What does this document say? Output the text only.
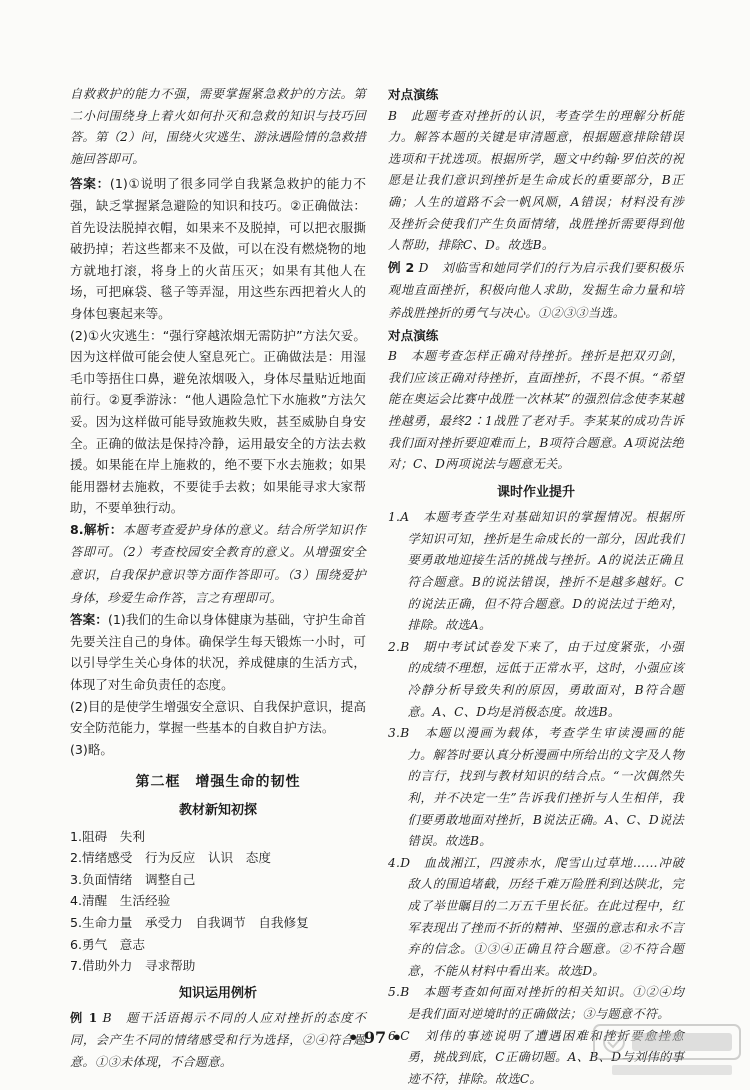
自救救护的能力不强，需要掌握紧急救护的方法。第二小问围绕身上着火如何扑灭和急救的知识与技巧回答。第（2）问，围绕火灾逃生、游泳遇险情的急救措施回答即可。

答案：(1)①说明了很多同学自我紧急救护的能力不强，缺乏掌握紧急避险的知识和技巧。②正确做法：首先设法脱掉衣帽，如果来不及脱掉，可以把衣服撕破扔掉；若这些都来不及做，可以在没有燃烧物的地方就地打滚，将身上的火苗压灭；如果有其他人在场，可把麻袋、毯子等弄湿，用这些东西把着火人的身体包裹起来等。

(2)①火灾逃生：“强行穿越浓烟无需防护”方法欠妥。因为这样做可能会使人窒息死亡。正确做法是：用湿毛巾等捂住口鼻，避免浓烟吸入，身体尽量贴近地面前行。②夏季游泳：“他人遇险急忙下水施救”方法欠妥。因为这样做可能导致施救失败，甚至威胁自身安全。正确的做法是保持冷静，运用最安全的方法去救援。如果能在岸上施救的，绝不要下水去施救；如果能用器材去施救，不要徒手去救；如果能寻求大家帮助，不要单独行动。

8.解析：本题考查爱护身体的意义。结合所学知识作答即可。（2）考查校园安全教育的意义。从增强安全意识，自我保护意识等方面作答即可。（3）围绕爱护身体，珍爱生命作答，言之有理即可。

答案：(1)我们的生命以身体健康为基础，守护生命首先要关注自己的身体。确保学生每天锻炼一小时，可以引导学生关心身体的状况，养成健康的生活方式，体现了对生命负责任的态度。

(2)目的是使学生增强安全意识、自我保护意识，提高安全防范能力，掌握一些基本的自救自护方法。

(3)略。

第二框　增强生命的韧性
教材新知初探

1.阻碍　失利

2.情绪感受　行为反应　认识　态度

3.负面情绪　调整自己

4.清醒　生活经验

5.生命力量　承受力　自我调节　自我修复

6.勇气　意志

7.借助外力　寻求帮助

知识运用例析

例 1 B　题干活语揭示不同的人应对挫折的态度不同，会产生不同的情绪感受和行为选择，②④符合题意。①③未体现，不合题意。

对点演练

B　此题考查对挫折的认识，考查学生的理解分析能力。解答本题的关键是审清题意，根据题意排除错误选项和干扰选项。根据所学，题文中约翰·罗伯茨的祝愿是让我们意识到挫折是生命成长的重要部分，B正确；人生的道路不会一帆风顺，A错误；材料没有涉及挫折会使我们产生负面情绪，战胜挫折需要得到他人帮助，排除C、D。故选B。

例 2 D　刘临雪和她同学们的行为启示我们要积极乐观地直面挫折，积极向他人求助，发掘生命力量和培养战胜挫折的勇气与决心。①②③③当选。

对点演练

B　本题考查怎样正确对待挫折。挫折是把双刃剑，我们应该正确对待挫折，直面挫折，不畏不惧。“希望能在奥运会比赛中战胜一次林某”的强烈信念使李某越挫越勇，最终2∶1战胜了老对手。李某某的成功告诉我们面对挫折要迎难而上，B项符合题意。A项说法绝对；C、D两项说法与题意无关。

课时作业提升

1.A　本题考查学生对基础知识的掌握情况。根据所学知识可知，挫折是生命成长的一部分，因此我们要勇敢地迎接生活的挑战与挫折。A的说法正确且符合题意。B的说法错误，挫折不是越多越好。C的说法正确，但不符合题意。D的说法过于绝对，排除。故选A。

2.B　期中考试试卷发下来了，由于过度紧张，小强的成绩不理想，远低于正常水平，这时，小强应该冷静分析导致失利的原因，勇敢面对，B符合题意。A、C、D均是消极态度。故选B。

3.B　本题以漫画为载体，考查学生审读漫画的能力。解答时要认真分析漫画中所给出的文字及人物的言行，找到与教材知识的结合点。“一次偶然失利，并不决定一生”告诉我们挫折与人生相伴，我们要勇敢地面对挫折，B说法正确。A、C、D说法错误。故选B。

4.D　血战湘江，四渡赤水，爬雪山过草地……冲破敌人的围追堵截，历经千难万险胜利到达陕北，完成了举世瞩目的二万五千里长征。在此过程中，红军表现出了挫而不折的精神、坚强的意志和永不言弃的信念。①③④正确且符合题意。②不符合题意，不能从材料中看出来。故选D。

5.B　本题考查如何面对挫折的相关知识。①②④均是我们面对逆境时的正确做法；③与题意不符。

6.C　刘伟的事迹说明了遭遇困难和挫折要愈挫愈勇，挑战到底，C正确切题。A、B、D与刘伟的事迹不符，排除。故选C。

• 97 •
